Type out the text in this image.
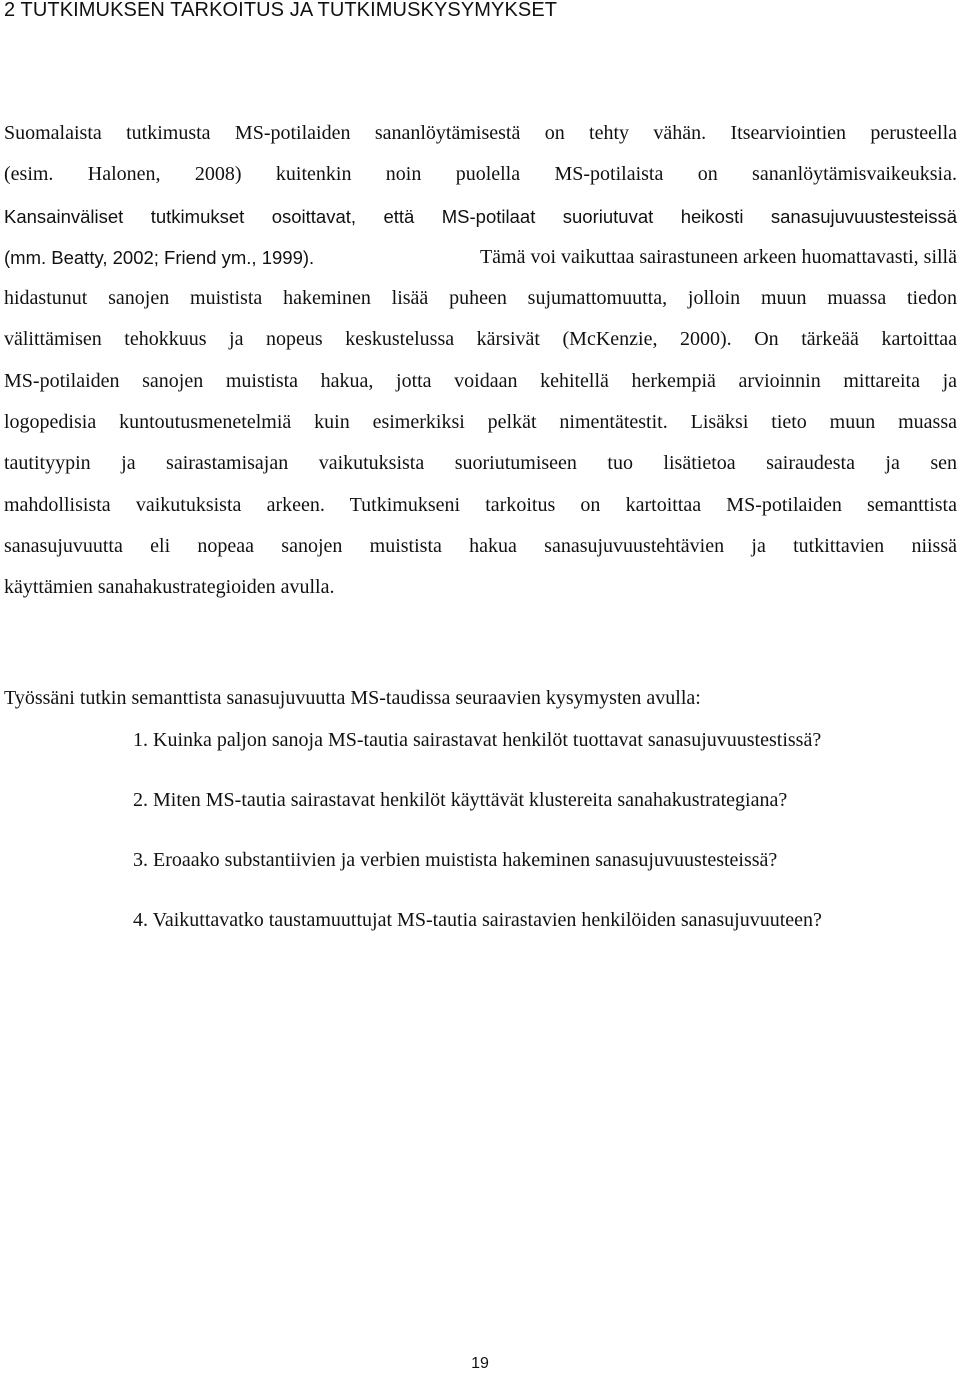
2 TUTKIMUKSEN TARKOITUS JA TUTKIMUSKYSYMYKSET
Suomalaista tutkimusta MS-potilaiden sananlöytämisestä on tehty vähän. Itsearviointien perusteella
(esim. Halonen, 2008) kuitenkin noin puolella MS-potilaista on sananlöytämisvaikeuksia.
Kansainväliset tutkimukset osoittavat, että MS-potilaat suoriutuvat heikosti sanasujuvuustesteissä
(mm. Beatty, 2002; Friend ym., 1999).	Tämä voi vaikuttaa sairastuneen arkeen huomattavasti, sillä
hidastunut sanojen muistista hakeminen lisää puheen sujumattomuutta, jolloin muun muassa tiedon
välittämisen tehokkuus ja nopeus keskustelussa kärsivät (McKenzie, 2000). On tärkeää kartoittaa
MS-potilaiden sanojen muistista hakua, jotta voidaan kehitellä herkempiä arvioinnin mittareita ja
logopedisia kuntoutusmenetelmiä kuin esimerkiksi pelkät nimentätestit. Lisäksi tieto muun muassa
tautityypin ja sairastamisajan vaikutuksista suoriutumiseen tuo lisätietoa sairaudesta ja sen
mahdollisista vaikutuksista arkeen. Tutkimukseni tarkoitus on kartoittaa MS-potilaiden semanttista
sanasujuvuutta eli nopeaa sanojen muistista hakua sanasujuvuustehtävien ja tutkittavien niissä
käyttämien sanahakustrategioiden avulla.

Työssäni tutkin semanttista sanasujuvuutta MS-taudissa seuraavien kysymysten avulla:

1. Kuinka paljon sanoja MS-tautia sairastavat henkilöt tuottavat sanasujuvuustestissä?
2. Miten MS-tautia sairastavat henkilöt käyttävät klustereita sanahakustrategiana?
3. Eroaako substantiivien ja verbien muistista hakeminen sanasujuvuustesteissä?
4. Vaikuttavatko taustamuuttujat MS-tautia sairastavien henkilöiden sanasujuvuuteen?

19
